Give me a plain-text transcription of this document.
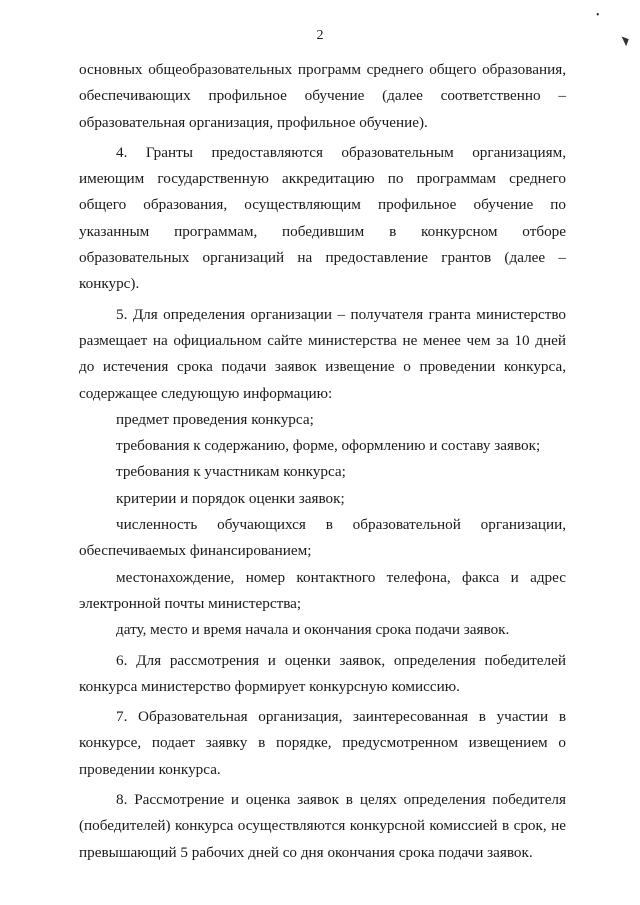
2
•
◥

основных общеобразовательных программ среднего общего образования, обеспечивающих профильное обучение (далее соответственно – образовательная организация, профильное обучение).

4. Гранты предоставляются образовательным организациям, имеющим государственную аккредитацию по программам среднего общего образования, осуществляющим профильное обучение по указанным программам, победившим в конкурсном отборе образовательных организаций на предоставление грантов (далее – конкурс).

5. Для определения организации – получателя гранта министерство размещает на официальном сайте министерства не менее чем за 10 дней до истечения срока подачи заявок извещение о проведении конкурса, содержащее следующую информацию:

предмет проведения конкурса;

требования к содержанию, форме, оформлению и составу заявок;

требования к участникам конкурса;

критерии и порядок оценки заявок;

численность обучающихся в образовательной организации, обеспечиваемых финансированием;

местонахождение, номер контактного телефона, факса и адрес электронной почты министерства;

дату, место и время начала и окончания срока подачи заявок.

6. Для рассмотрения и оценки заявок, определения победителей конкурса министерство формирует конкурсную комиссию.

7. Образовательная организация, заинтересованная в участии в конкурсе, подает заявку в порядке, предусмотренном извещением о проведении конкурса.

8. Рассмотрение и оценка заявок в целях определения победителя (победителей) конкурса осуществляются конкурсной комиссией в срок, не превышающий 5 рабочих дней со дня окончания срока подачи заявок.
